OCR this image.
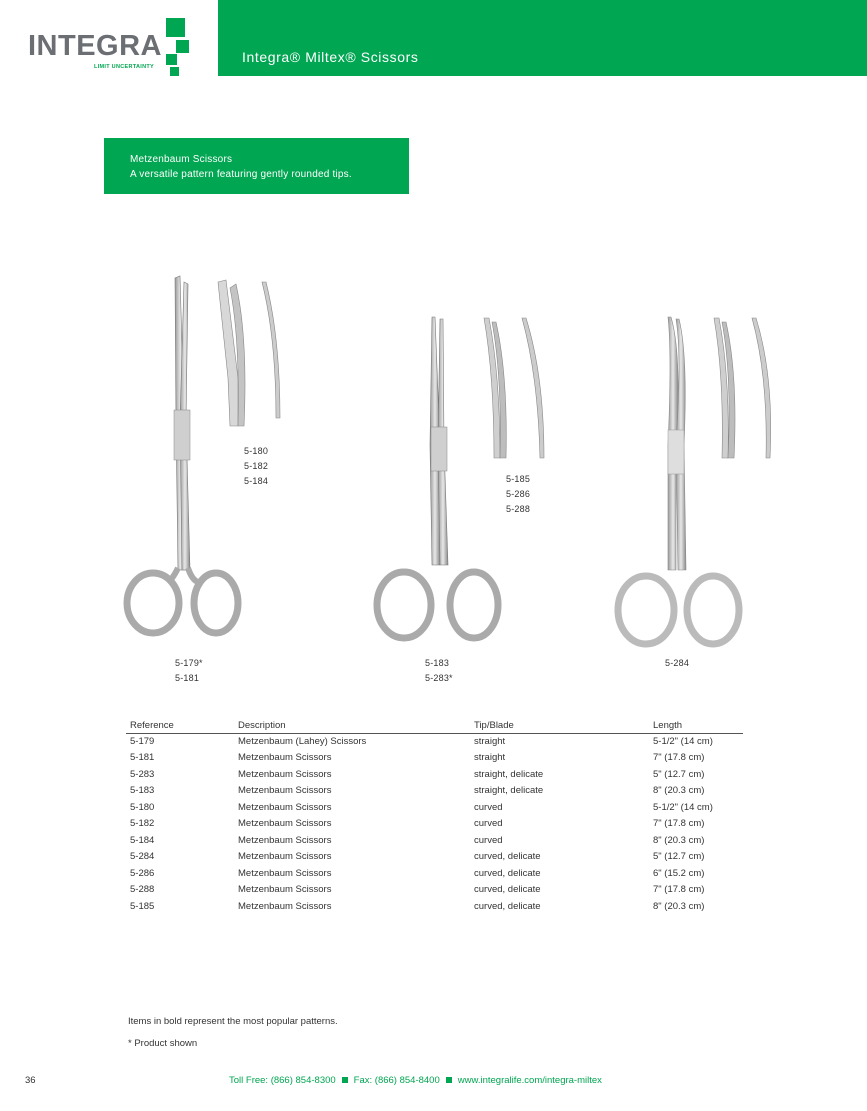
INTEGRA
LIMIT UNCERTAINTY
Integra® Miltex® Scissors
Metzenbaum Scissors
A versatile pattern featuring gently rounded tips.
5-180
5-182
5-184	5-185
5-286
5-288
5-179*
5-181
5-183
5-283*
5-284
Reference	Description	Tip/Blade	Length
5-179	Metzenbaum (Lahey) Scissors	straight	5-1/2" (14 cm)
5-181	Metzenbaum Scissors	straight	7" (17.8 cm)
5-283	Metzenbaum Scissors	straight, delicate	5" (12.7 cm)
5-183	Metzenbaum Scissors	straight, delicate	8" (20.3 cm)
5-180	Metzenbaum Scissors	curved	5-1/2" (14 cm)
5-182	Metzenbaum Scissors	curved	7" (17.8 cm)
5-184	Metzenbaum Scissors	curved	8" (20.3 cm)
5-284	Metzenbaum Scissors	curved, delicate	5" (12.7 cm)
5-286	Metzenbaum Scissors	curved, delicate	6" (15.2 cm)
5-288	Metzenbaum Scissors	curved, delicate	7" (17.8 cm)
5-185	Metzenbaum Scissors	curved, delicate	8" (20.3 cm)
Items in bold represent the most popular patterns.
* Product shown
36	Toll Free: (866) 854-8300 Fax: (866) 854-8400 www.integralife.com/integra-miltex
